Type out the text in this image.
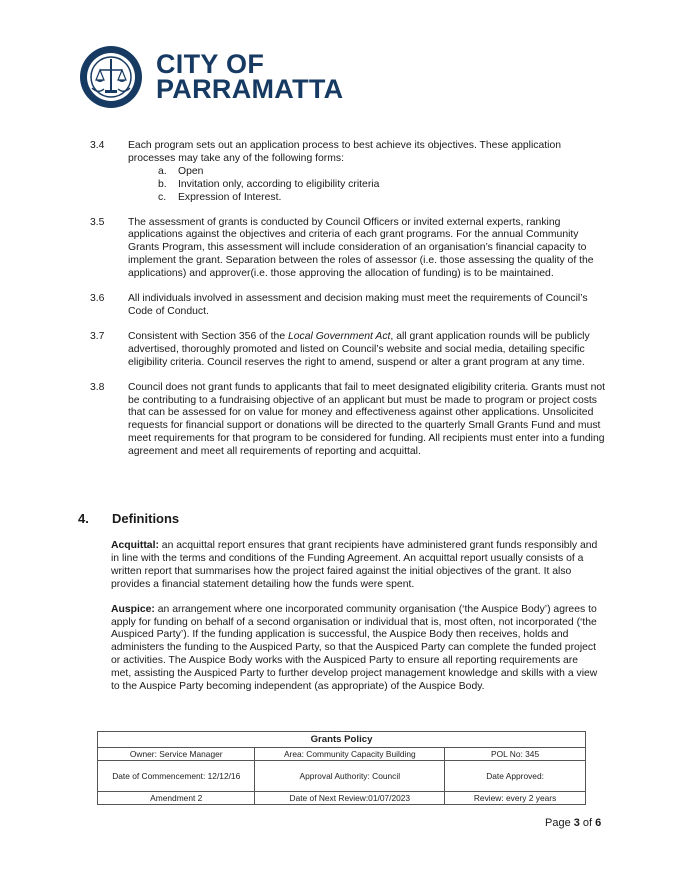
CITY OF
PARRAMATTA
3.4	Each program sets out an application process to best achieve its objectives. These application processes may take any of the following forms:

a.	Open
b.	Invitation only, according to eligibility criteria
c.	Expression of Interest.
3.5	The assessment of grants is conducted by Council Officers or invited external experts, ranking applications against the objectives and criteria of each grant programs. For the annual Community Grants Program, this assessment will include consideration of an organisation’s financial capacity to implement the grant. Separation between the roles of assessor (i.e. those assessing the quality of the applications) and approver(i.e. those approving the allocation of funding) is to be maintained.

3.6	All individuals involved in assessment and decision making must meet the requirements of Council’s Code of Conduct.

3.7	Consistent with Section 356 of the Local Government Act, all grant application rounds will be publicly advertised, thoroughly promoted and listed on Council’s website and social media, detailing specific eligibility criteria. Council reserves the right to amend, suspend or alter a grant program at any time.

3.8	Council does not grant funds to applicants that fail to meet designated eligibility criteria. Grants must not be contributing to a fundraising objective of an applicant but must be made to program or project costs that can be assessed for on value for money and effectiveness against other applications. Unsolicited requests for financial support or donations will be directed to the quarterly Small Grants Fund and must meet requirements for that program to be considered for funding. All recipients must enter into a funding agreement and meet all requirements of reporting and acquittal.

4.	Definitions

Acquittal: an acquittal report ensures that grant recipients have administered grant funds responsibly and in line with the terms and conditions of the Funding Agreement. An acquittal report usually consists of a written report that summarises how the project faired against the initial objectives of the grant. It also provides a financial statement detailing how the funds were spent.

Auspice: an arrangement where one incorporated community organisation (‘the Auspice Body’) agrees to apply for funding on behalf of a second organisation or individual that is, most often, not incorporated (‘the Auspiced Party’). If the funding application is successful, the Auspice Body then receives, holds and administers the funding to the Auspiced Party, so that the Auspiced Party can complete the funded project or activities. The Auspice Body works with the Auspiced Party to ensure all reporting requirements are met, assisting the Auspiced Party to further develop project management knowledge and skills with a view to the Auspice Party becoming independent (as appropriate) of the Auspice Body.

Grants Policy		
Owner: Service Manager	Area: Community Capacity Building	POL No: 345
Date of Commencement: 12/12/16	Approval Authority: Council	Date Approved:
Amendment 2	Date of Next Review:01/07/2023	Review: every 2 years
Page 3 of 6
